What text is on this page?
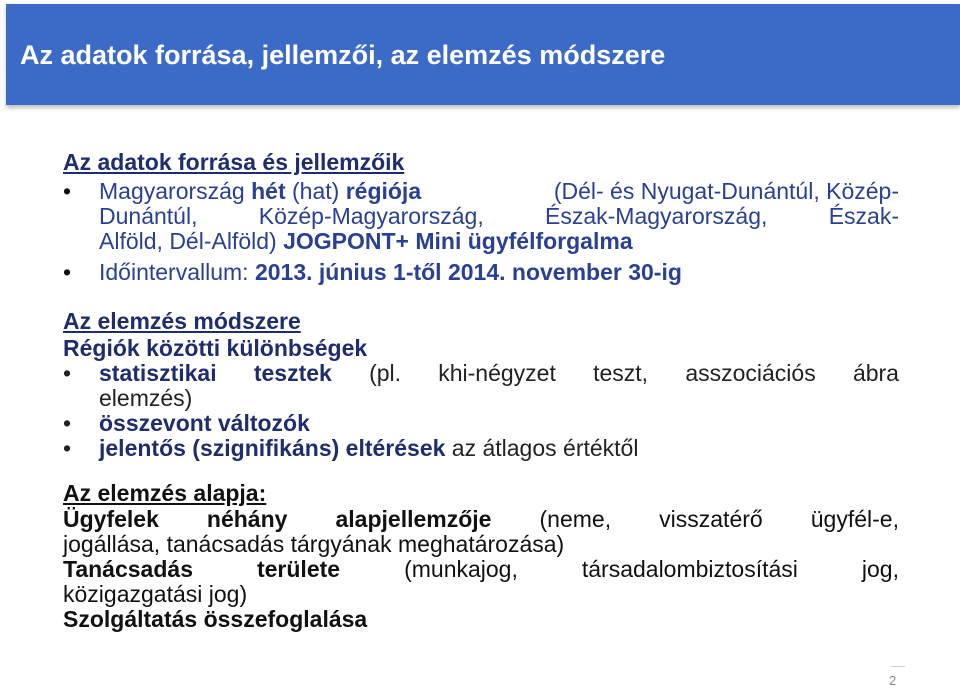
Az adatok forrása, jellemzői, az elemzés módszere
Az adatok forrása és jellemzőik
• Magyarország hét (hat) régiója	(Dél- és Nyugat-Dunántúl, Közép-
Dunántúl,	Közép-Magyarország,	Észak-Magyarország,	Észak-
Alföld, Dél-Alföld) JOGPONT+ Mini ügyfélforgalma
• Időintervallum: 2013. június 1-től 2014. november 30-ig
Az elemzés módszere
Régiók közötti különbségek
• statisztikai tesztek (pl. khi-négyzet teszt, asszociációs ábra
elemzés)
• összevont változók
• jelentős (szignifikáns) eltérések az átlagos értéktől
Az elemzés alapja:
Ügyfelek néhány alapjellemzője (neme, visszatérő ügyfél-e,
jogállása, tanácsadás tárgyának meghatározása)
Tanácsadás	területe	(munkajog,	társadalombiztosítási	jog,
közigazgatási jog)
Szolgáltatás összefoglalása
2
